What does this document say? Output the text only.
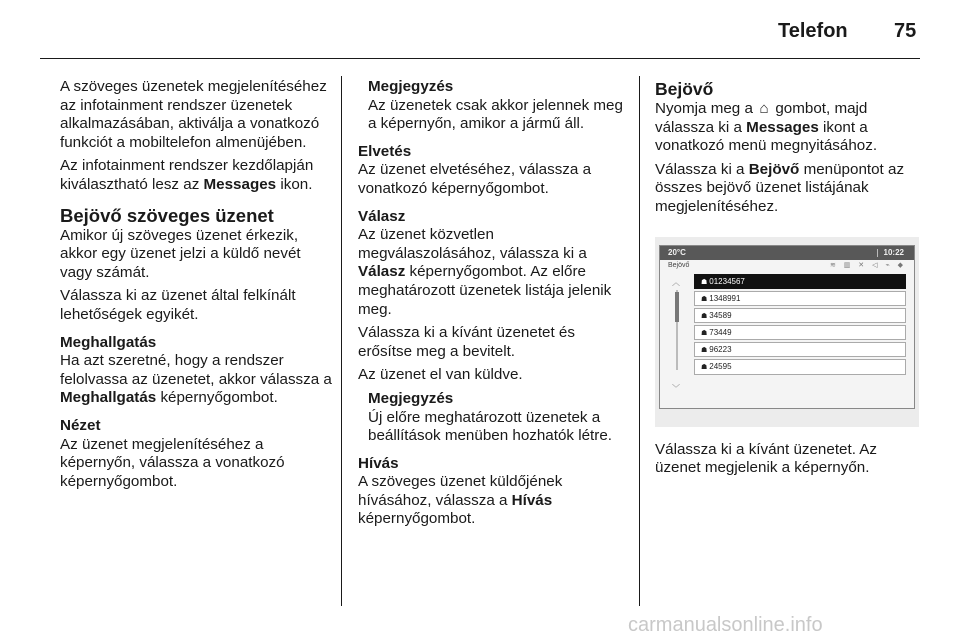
Telefon 75

A szöveges üzenetek megjelenítéséhez az infotainment rendszer üzenetek alkalmazásában, aktiválja a vonatkozó funkciót a mobiltelefon almenüjében.

Az infotainment rendszer kezdőlapján kiválasztható lesz az Messages ikon.

Bejövő szöveges üzenet

Amikor új szöveges üzenet érkezik, akkor egy üzenet jelzi a küldő nevét vagy számát.

Válassza ki az üzenet által felkínált lehetőségek egyikét.

Meghallgatás

Ha azt szeretné, hogy a rendszer felolvassa az üzenetet, akkor válassza a Meghallgatás képernyőgombot.

Nézet

Az üzenet megjelenítéséhez a képernyőn, válassza a vonatkozó képernyőgombot.

Megjegyzés

Az üzenetek csak akkor jelennek meg a képernyőn, amikor a jármű áll.

Elvetés

Az üzenet elvetéséhez, válassza a vonatkozó képernyőgombot.

Válasz

Az üzenet közvetlen megválaszolásához, válassza ki a Válasz képernyőgombot. Az előre meghatározott üzenetek listája jelenik meg.

Válassza ki a kívánt üzenetet és erősítse meg a bevitelt.

Az üzenet el van küldve.

Megjegyzés

Új előre meghatározott üzenetek a beállítások menüben hozhatók létre.

Hívás

A szöveges üzenet küldőjének hívásához, válassza a Hívás képernyőgombot.

Bejövő

Nyomja meg a ⌂ gombot, majd válassza ki a Messages ikont a vonatkozó menü megnyitásához.

Válassza ki a Bejövő menüpontot az összes bejövő üzenet listájának megjelenítéséhez.

20°C	10:22
Bejövő	≋ ▥ ✕ ◁ ⌁ ◆
︿
﹀
☗ 01234567
☗ 1348991
☗ 34589
☗ 73449
☗ 96223
☗ 24595

Válassza ki a kívánt üzenetet. Az üzenet megjelenik a képernyőn.

carmanualsonline.info
